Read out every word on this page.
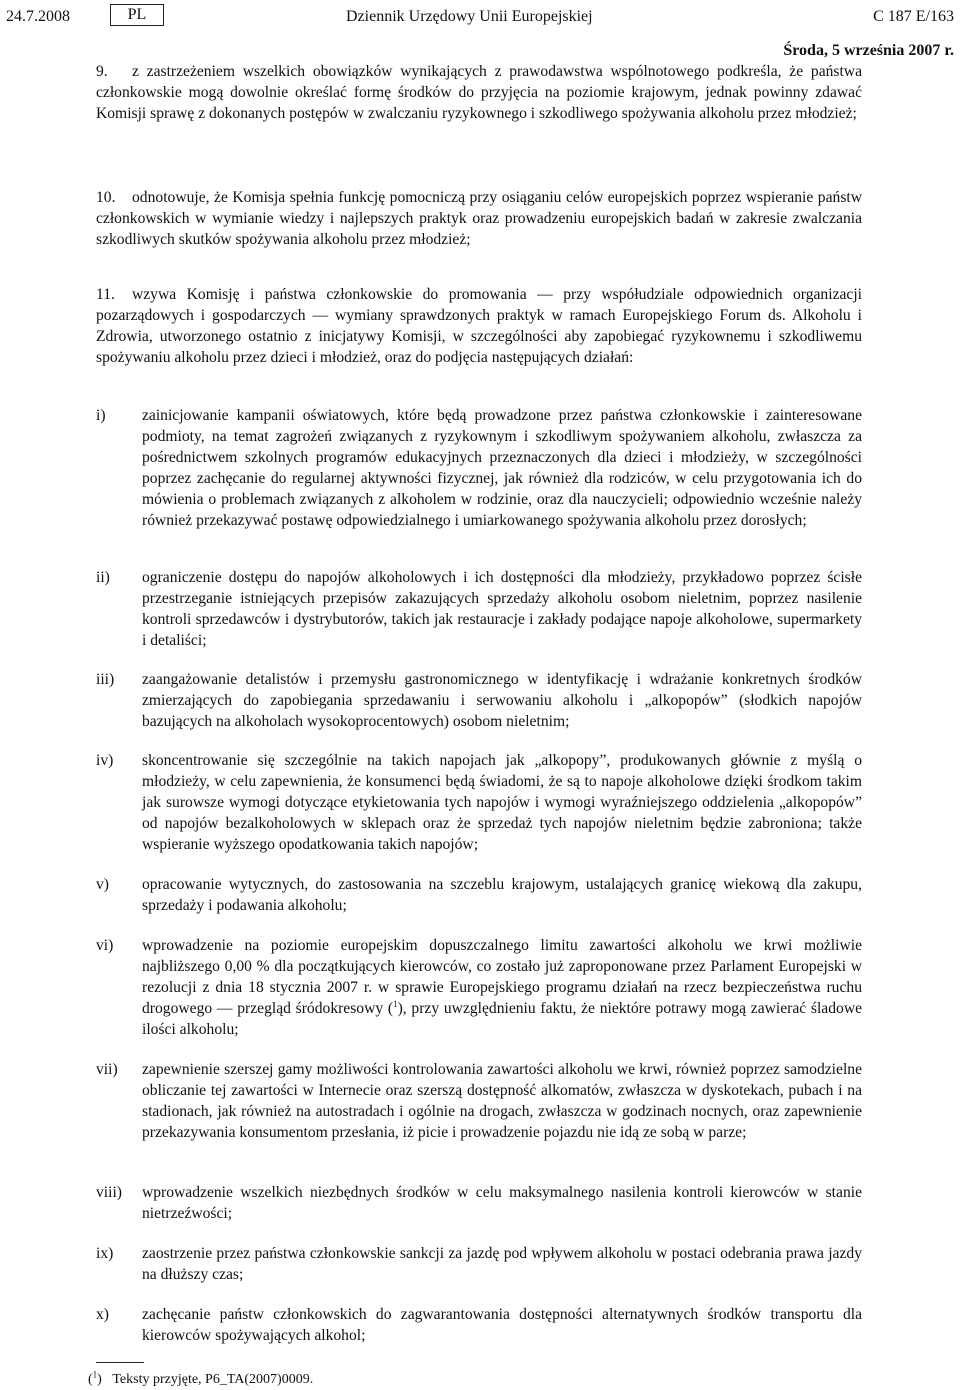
24.7.2008	PL	Dziennik Urzędowy Unii Europejskiej	C 187 E/163
Środa, 5 września 2007 r.

9. z zastrzeżeniem wszelkich obowiązków wynikających z prawodawstwa wspólnotowego podkreśla, że państwa członkowskie mogą dowolnie określać formę środków do przyjęcia na poziomie krajowym, jednak powinny zdawać Komisji sprawę z dokonanych postępów w zwalczaniu ryzykownego i szkodliwego spożywania alkoholu przez młodzież;

10. odnotowuje, że Komisja spełnia funkcję pomocniczą przy osiąganiu celów europejskich poprzez wspieranie państw członkowskich w wymianie wiedzy i najlepszych praktyk oraz prowadzeniu europejskich badań w zakresie zwalczania szkodliwych skutków spożywania alkoholu przez młodzież;

11. wzywa Komisję i państwa członkowskie do promowania — przy współudziale odpowiednich organizacji pozarządowych i gospodarczych — wymiany sprawdzonych praktyk w ramach Europejskiego Forum ds. Alkoholu i Zdrowia, utworzonego ostatnio z inicjatywy Komisji, w szczególności aby zapobiegać ryzykownemu i szkodliwemu spożywaniu alkoholu przez dzieci i młodzież, oraz do podjęcia następujących działań:

i) zainicjowanie kampanii oświatowych, które będą prowadzone przez państwa członkowskie i zainteresowane podmioty, na temat zagrożeń związanych z ryzykownym i szkodliwym spożywaniem alkoholu, zwłaszcza za pośrednictwem szkolnych programów edukacyjnych przeznaczonych dla dzieci i młodzieży, w szczególności poprzez zachęcanie do regularnej aktywności fizycznej, jak również dla rodziców, w celu przygotowania ich do mówienia o problemach związanych z alkoholem w rodzinie, oraz dla nauczycieli; odpowiednio wcześnie należy również przekazywać postawę odpowiedzialnego i umiarkowanego spożywania alkoholu przez dorosłych;
ii) ograniczenie dostępu do napojów alkoholowych i ich dostępności dla młodzieży, przykładowo poprzez ścisłe przestrzeganie istniejących przepisów zakazujących sprzedaży alkoholu osobom nieletnim, poprzez nasilenie kontroli sprzedawców i dystrybutorów, takich jak restauracje i zakłady podające napoje alkoholowe, supermarkety i detaliści;
iii) zaangażowanie detalistów i przemysłu gastronomicznego w identyfikację i wdrażanie konkretnych środków zmierzających do zapobiegania sprzedawaniu i serwowaniu alkoholu i „alkopopów” (słodkich napojów bazujących na alkoholach wysokoprocentowych) osobom nieletnim;
iv) skoncentrowanie się szczególnie na takich napojach jak „alkopopy”, produkowanych głównie z myślą o młodzieży, w celu zapewnienia, że konsumenci będą świadomi, że są to napoje alkoholowe dzięki środkom takim jak surowsze wymogi dotyczące etykietowania tych napojów i wymogi wyraźniejszego oddzielenia „alkopopów” od napojów bezalkoholowych w sklepach oraz że sprzedaż tych napojów nieletnim będzie zabroniona; także wspieranie wyższego opodatkowania takich napojów;
v) opracowanie wytycznych, do zastosowania na szczeblu krajowym, ustalających granicę wiekową dla zakupu, sprzedaży i podawania alkoholu;
vi) wprowadzenie na poziomie europejskim dopuszczalnego limitu zawartości alkoholu we krwi możliwie najbliższego 0,00 % dla początkujących kierowców, co zostało już zaproponowane przez Parlament Europejski w rezolucji z dnia 18 stycznia 2007 r. w sprawie Europejskiego programu działań na rzecz bezpieczeństwa ruchu drogowego — przegląd śródokresowy ($^1$), przy uwzględnieniu faktu, że niektóre potrawy mogą zawierać śladowe ilości alkoholu;
vii) zapewnienie szerszej gamy możliwości kontrolowania zawartości alkoholu we krwi, również poprzez samodzielne obliczanie tej zawartości w Internecie oraz szerszą dostępność alkomatów, zwłaszcza w dyskotekach, pubach i na stadionach, jak również na autostradach i ogólnie na drogach, zwłaszcza w godzinach nocnych, oraz zapewnienie przekazywania konsumentom przesłania, iż picie i prowadzenie pojazdu nie idą ze sobą w parze;
viii) wprowadzenie wszelkich niezbędnych środków w celu maksymalnego nasilenia kontroli kierowców w stanie nietrzeźwości;
ix) zaostrzenie przez państwa członkowskie sankcji za jazdę pod wpływem alkoholu w postaci odebrania prawa jazdy na dłuższy czas;
x) zachęcanie państw członkowskich do zagwarantowania dostępności alternatywnych środków transportu dla kierowców spożywających alkohol;
($^1$) Teksty przyjęte, P6_TA(2007)0009.
